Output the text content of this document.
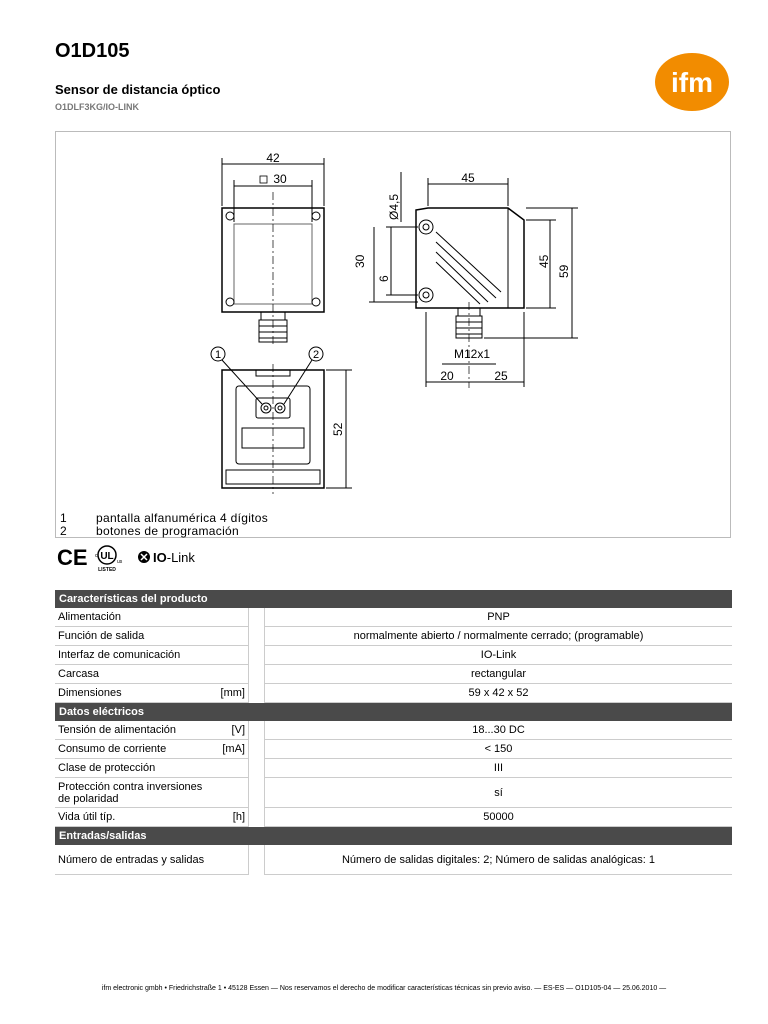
O1D105
Sensor de distancia óptico
O1DLF3KG/IO-LINK
ifm
42
30	45
Ø4,5
30
6
45
59
M12x1
20	25
1	2
52
1	pantalla alfanumérica 4 dígitos
2	botones de programación
CE UL
c
us
LISTED
IO-Link
Características del producto			
Alimentación			PNP
Función de salida			normalmente abierto / normalmente cerrado; (programable)
Interfaz de comunicación			IO-Link
Carcasa			rectangular
Dimensiones	[mm]		59 x 42 x 52
Datos eléctricos			
Tensión de alimentación	[V]		18...30 DC
Consumo de corriente	[mA]		< 150
Clase de protección			III
Protección contra inversiones de polaridad			sí
Vida útil típ.	[h]		50000
Entradas/salidas			
Número de entradas y salidas			Número de salidas digitales: 2; Número de salidas analógicas: 1
ifm electronic gmbh • Friedrichstraße 1 • 45128 Essen — Nos reservamos el derecho de modificar características técnicas sin previo aviso. — ES-ES — O1D105-04 — 25.06.2010 —
